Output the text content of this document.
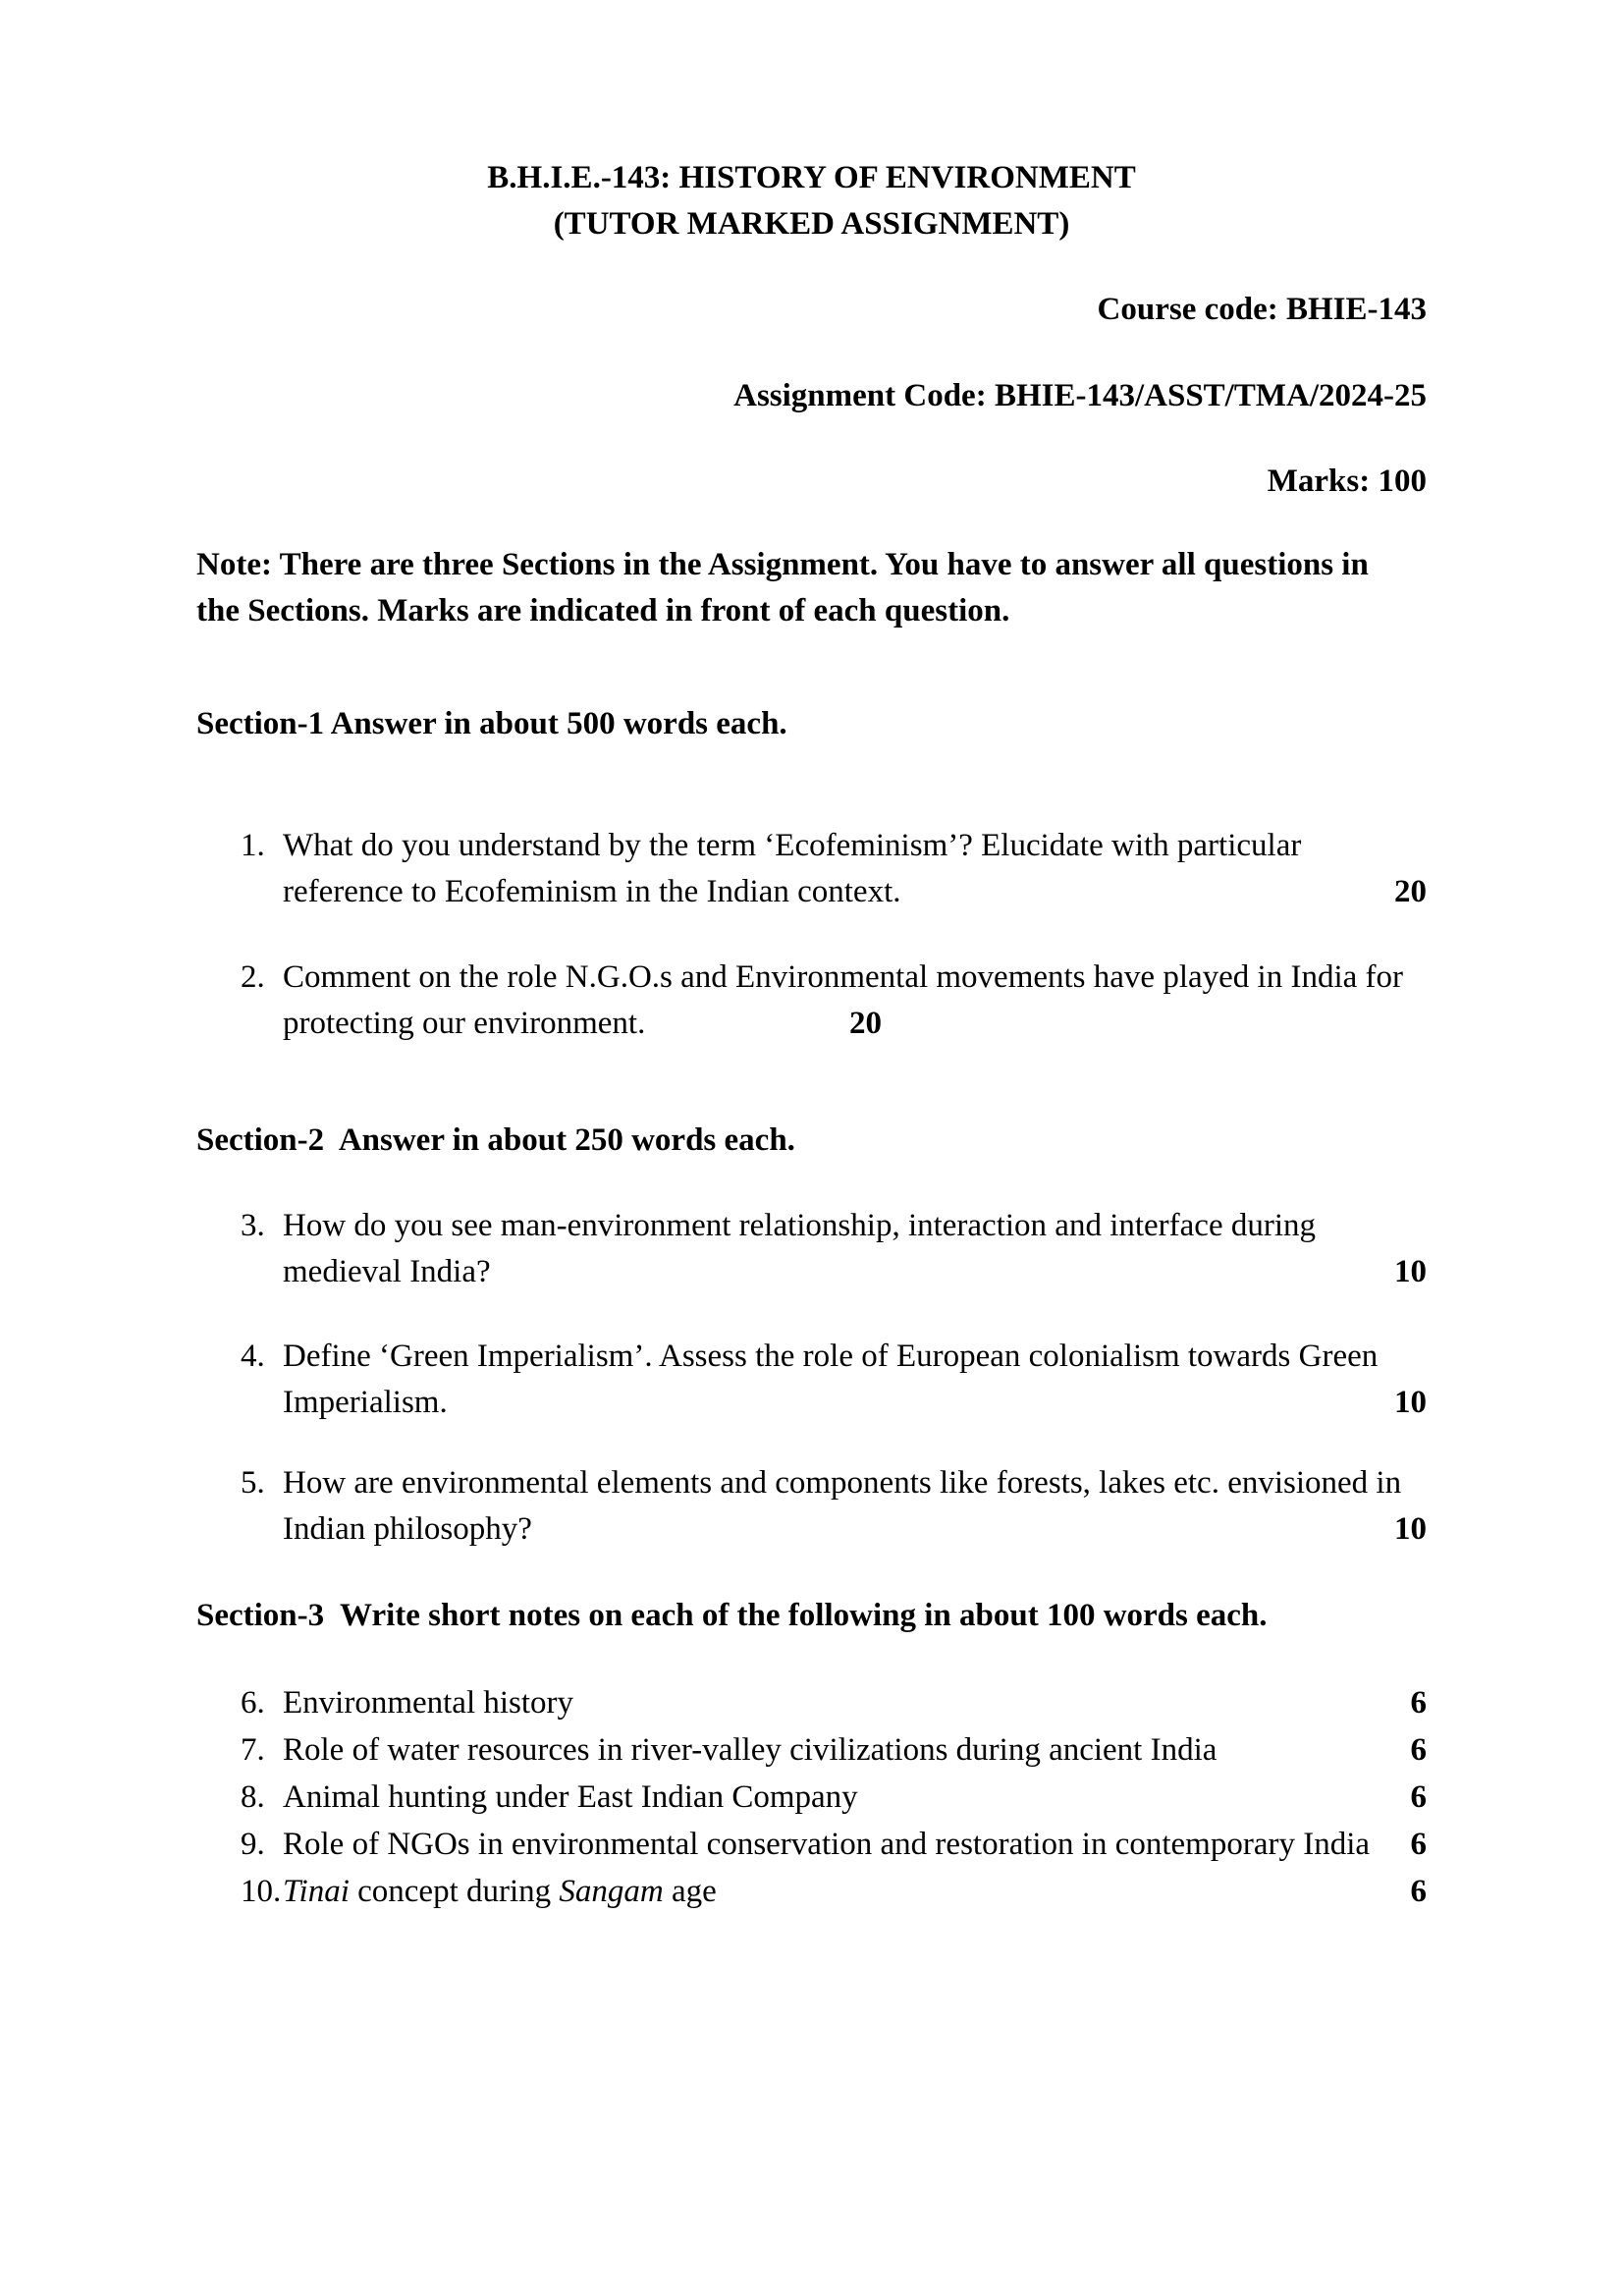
B.H.I.E.-143: HISTORY OF ENVIRONMENT
(TUTOR MARKED ASSIGNMENT)
Course code: BHIE-143
Assignment Code: BHIE-143/ASST/TMA/2024-25
Marks: 100
Note: There are three Sections in the Assignment. You have to answer all questions in
the Sections. Marks are indicated in front of each question.
Section-1 Answer in about 500 words each.
1. What do you understand by the term ‘Ecofeminism’? Elucidate with particular
reference to Ecofeminism in the Indian context.	20
2. Comment on the role N.G.O.s and Environmental movements have played in India for
protecting our environment.	20
Section-2  Answer in about 250 words each.
3. How do you see man-environment relationship, interaction and interface during
medieval India?	10
4. Define ‘Green Imperialism’. Assess the role of European colonialism towards Green
Imperialism.	10
5. How are environmental elements and components like forests, lakes etc. envisioned in
Indian philosophy?	10
Section-3  Write short notes on each of the following in about 100 words each.
6. Environmental history	6
7. Role of water resources in river-valley civilizations during ancient India	6
8. Animal hunting under East Indian Company	6
9. Role of NGOs in environmental conservation and restoration in contemporary India 6
10. Tinai concept during Sangam age	6
